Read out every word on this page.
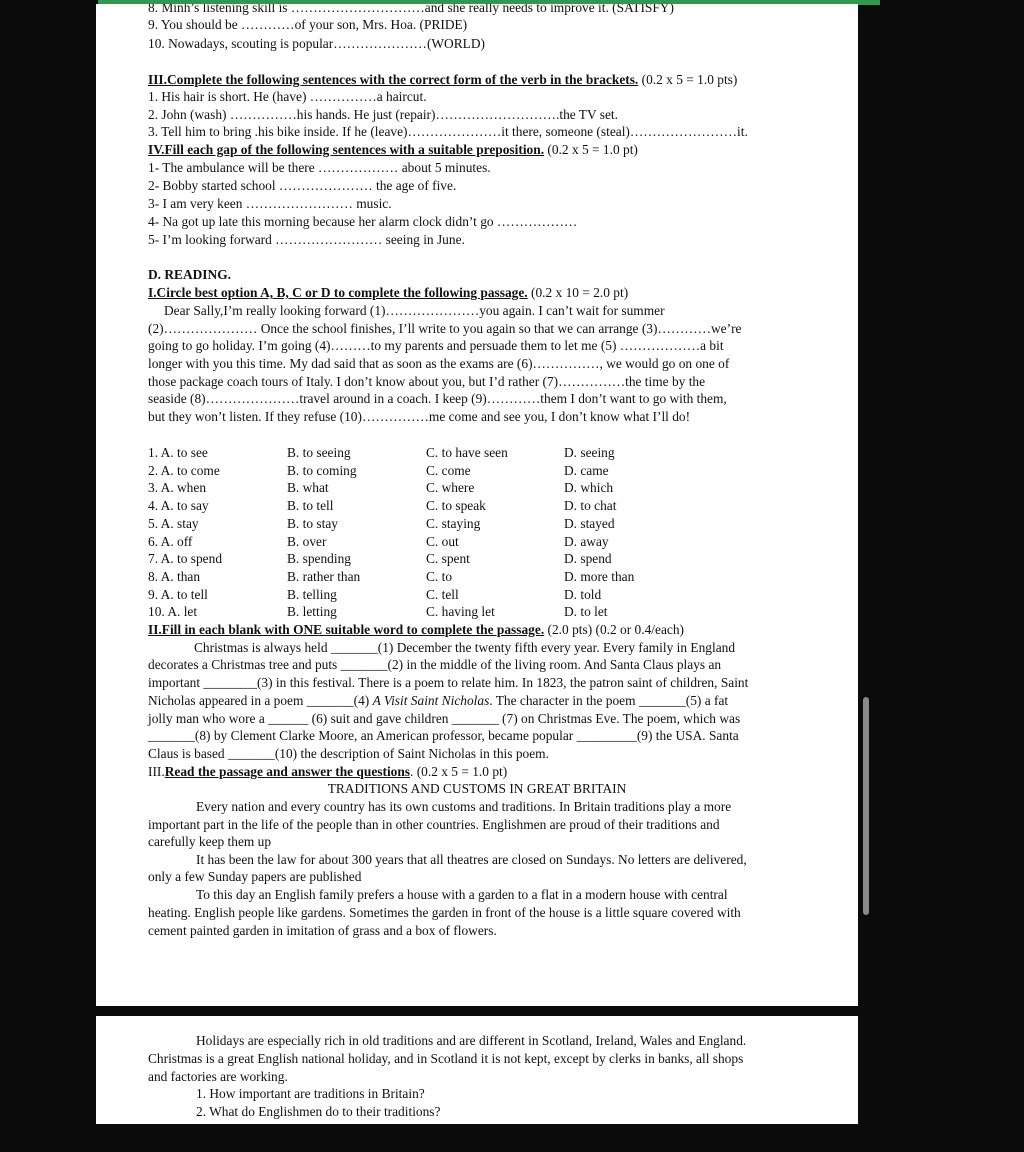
8. Minh’s listening skill is …………………………and she really needs to improve it. (SATISFY)
9. You should be …………of your son, Mrs. Hoa. (PRIDE)
10. Nowadays, scouting is popular…………………(WORLD)
III.Complete the following sentences with the correct form of the verb in the brackets. (0.2 x 5 = 1.0 pts)
1. His hair is short. He (have) ……………a haircut.
2. John (wash) ……………his hands. He just (repair)……………………….the TV set.
3. Tell him to bring .his bike inside. If he (leave)…………………it there, someone (steal)……………………it.
IV.Fill each gap of the following sentences with a suitable preposition. (0.2 x 5 = 1.0 pt)
1- The ambulance will be there ……………… about 5 minutes.
2- Bobby started school ………………… the age of five.
3- I am very keen …………………… music.
4- Na got up late this morning because her alarm clock didn’t go ………………
5- I’m looking forward …………………… seeing in June.
D. READING.
I.Circle best option A, B, C or D to complete the following passage. (0.2 x 10 = 2.0 pt)
Dear Sally,I’m really looking forward (1)…………………you again. I can’t wait for summer
(2)………………… Once the school finishes, I’ll write to you again so that we can arrange (3)…………we’re
going to go holiday. I’m going (4)………to my parents and persuade them to let me (5) ………………a bit
longer with you this time. My dad said that as soon as the exams are (6)……………, we would go on one of
those package coach tours of Italy. I don’t know about you, but I’d rather (7)……………the time by the
seaside (8)…………………travel around in a coach. I keep (9)…………them I don’t want to go with them,
but they won’t listen. If they refuse (10)……………me come and see you, I don’t know what I’ll do!
1. A. to see	B. to seeing	C. to have seen	D. seeing
2. A. to come	B. to coming	C. come	D. came
3. A. when	B. what	C. where	D. which
4. A. to say	B. to tell	C. to speak	D. to chat
5. A. stay	B. to stay	C. staying	D. stayed
6. A. off	B. over	C. out	D. away
7. A. to spend	B. spending	C. spent	D. spend
8. A. than	B. rather than	C. to	D. more than
9. A. to tell	B. telling	C. tell	D. told
10. A. let	B. letting	C. having let	D. to let
II.Fill in each blank with ONE suitable word to complete the passage. (2.0 pts) (0.2 or 0.4/each)
Christmas is always held _______(1) December the twenty fifth every year. Every family in England
decorates a Christmas tree and puts _______(2) in the middle of the living room. And Santa Claus plays an
important ________(3) in this festival. There is a poem to relate him. In 1823, the patron saint of children, Saint
Nicholas appeared in a poem _______(4) A Visit Saint Nicholas. The character in the poem _______(5) a fat
jolly man who wore a ______ (6) suit and gave children _______ (7) on Christmas Eve. The poem, which was
_______(8) by Clement Clarke Moore, an American professor, became popular _________(9) the USA. Santa
Claus is based _______(10) the description of Saint Nicholas in this poem.
III.Read the passage and answer the questions. (0.2 x 5 = 1.0 pt)
TRADITIONS AND CUSTOMS IN GREAT BRITAIN
Every nation and every country has its own customs and traditions. In Britain traditions play a more
important part in the life of the people than in other countries. Englishmen are proud of their traditions and
carefully keep them up
It has been the law for about 300 years that all theatres are closed on Sundays. No letters are delivered,
only a few Sunday papers are published
To this day an English family prefers a house with a garden to a flat in a modern house with central
heating. English people like gardens. Sometimes the garden in front of the house is a little square covered with
cement painted garden in imitation of grass and a box of flowers.
Holidays are especially rich in old traditions and are different in Scotland, Ireland, Wales and England.
Christmas is a great English national holiday, and in Scotland it is not kept, except by clerks in banks, all shops
and factories are working.
1. How important are traditions in Britain?
2. What do Englishmen do to their traditions?
